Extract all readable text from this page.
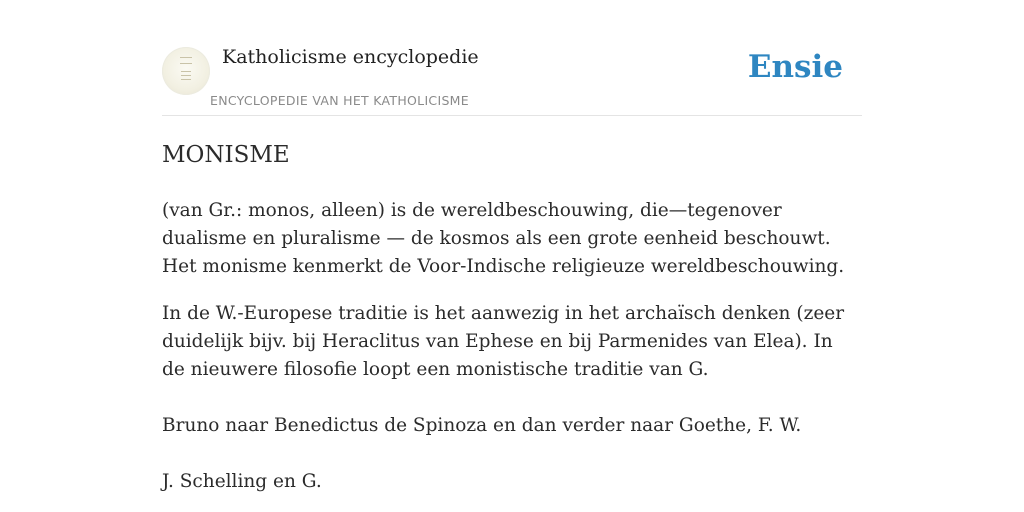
Katholicisme encyclopedie
ENCYCLOPEDIE VAN HET KATHOLICISME
Ensie
MONISME

(van Gr.: monos, alleen) is de wereldbeschouwing, die—tegenover dualisme en pluralisme — de kosmos als een grote eenheid beschouwt. Het monisme kenmerkt de Voor-Indische religieuze wereldbeschouwing.

In de W.-Europese traditie is het aanwezig in het archaïsch denken (zeer duidelijk bijv. bij Heraclitus van Ephese en bij Parmenides van Elea). In de nieuwere filosofie loopt een monistische traditie van G.

Bruno naar Benedictus de Spinoza en dan verder naar Goethe, F. W.

J. Schelling en G.
